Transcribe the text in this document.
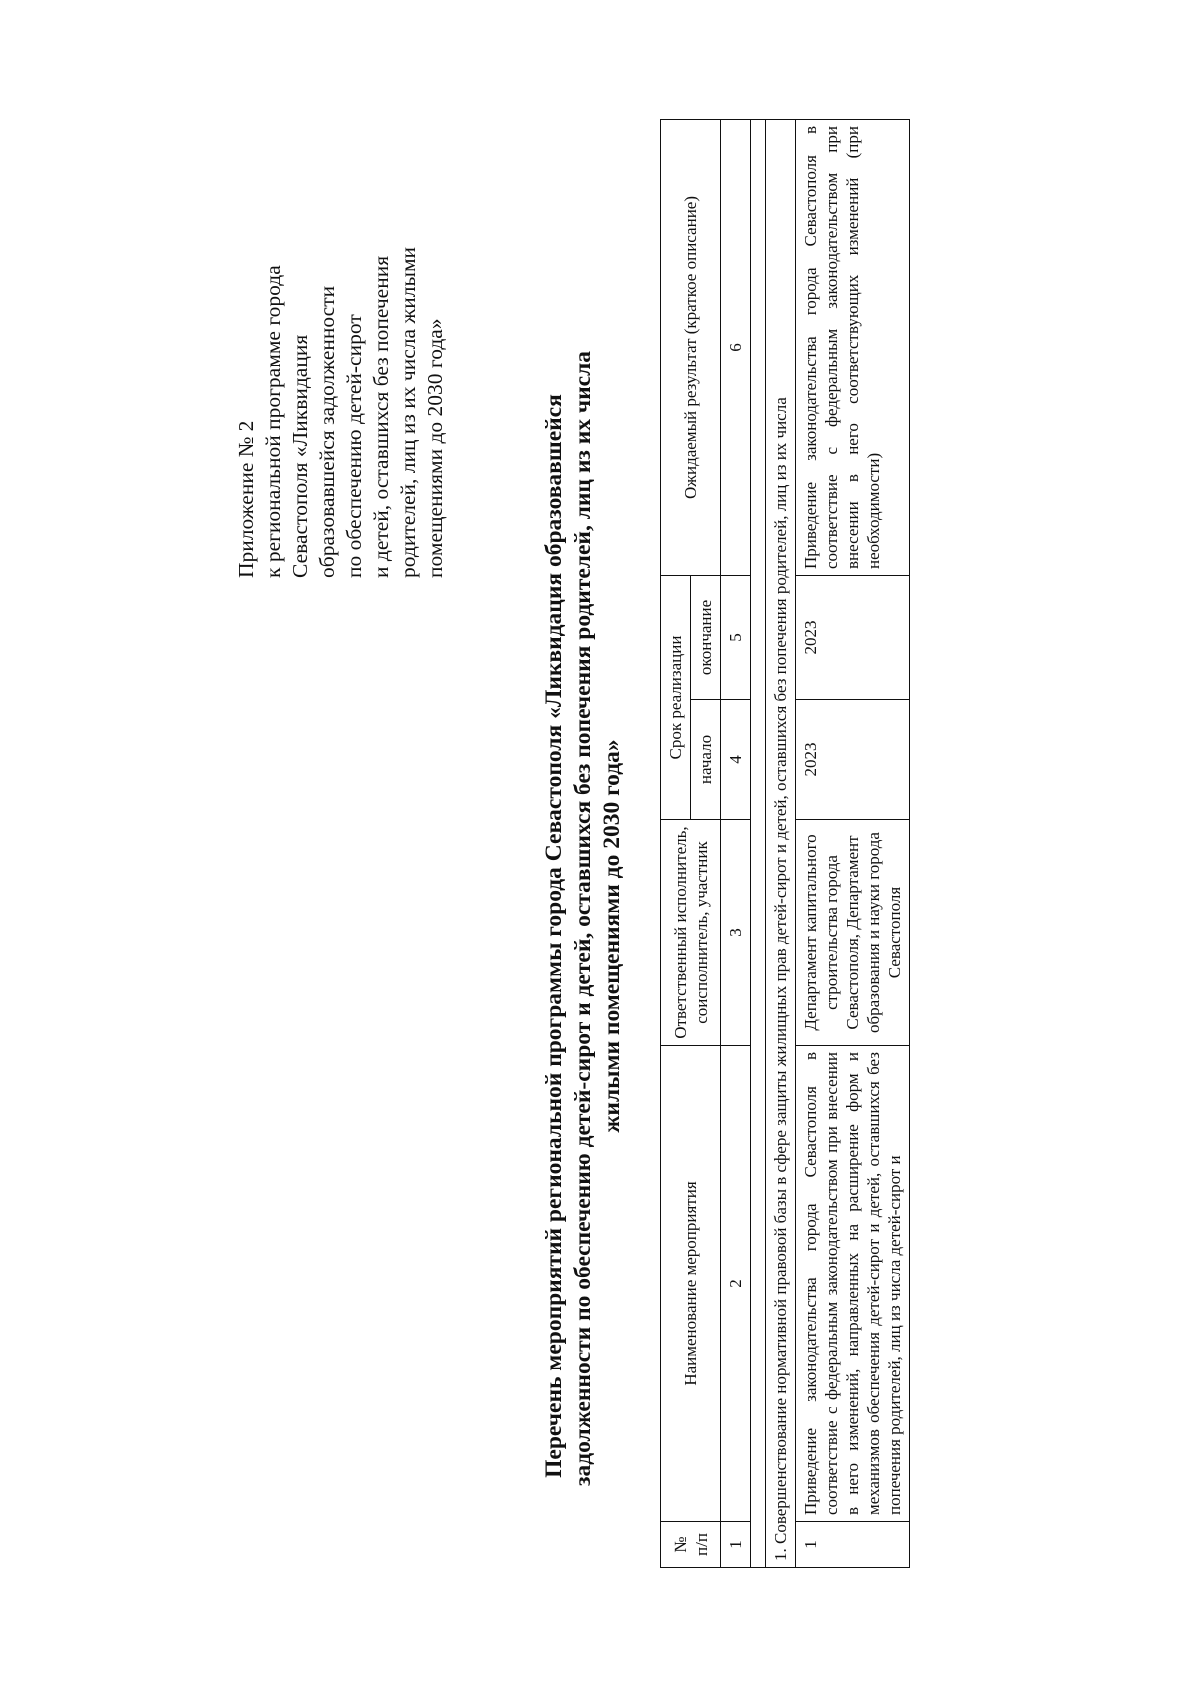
Приложение № 2 к региональной программе города Севастополя «Ликвидация образовавшейся задолженности по обеспечению детей-сирот и детей, оставшихся без попечения родителей, лиц из их числа жилыми помещениями до 2030 года»	Перечень мероприятий региональной программы города Севастополя «Ликвидация образовавшейся задолженности по обеспечению детей-сирот и детей, оставшихся без попечения родителей, лиц из их числа жилыми помещениями до 2030 года»
№ п/п	Наименование мероприятия	Ответственный исполнитель, соисполнитель, участник	Срок реализации		Ожидаемый результат (краткое описание)
			начало	окончание	
1	2	3	4	5	6

1. Совершенствование нормативной правовой базы в сфере защиты жилищных прав детей-сирот и детей, оставшихся без попечения родителей, лиц из их числа					
1	Приведение законодательства города Севастополя в соответствие с федеральным законодательством при внесении в него изменений, направленных на расширение форм и механизмов обеспечения детей-сирот и детей, оставшихся без попечения родителей, лиц из числа детей-сирот и	Департамент капитального строительства города Севастополя, Департамент образования и науки города Севастополя	2023	2023	Приведение законодательства города Севастополя в соответствие с федеральным законодательством при внесении в него соответствующих изменений (при необходимости)
